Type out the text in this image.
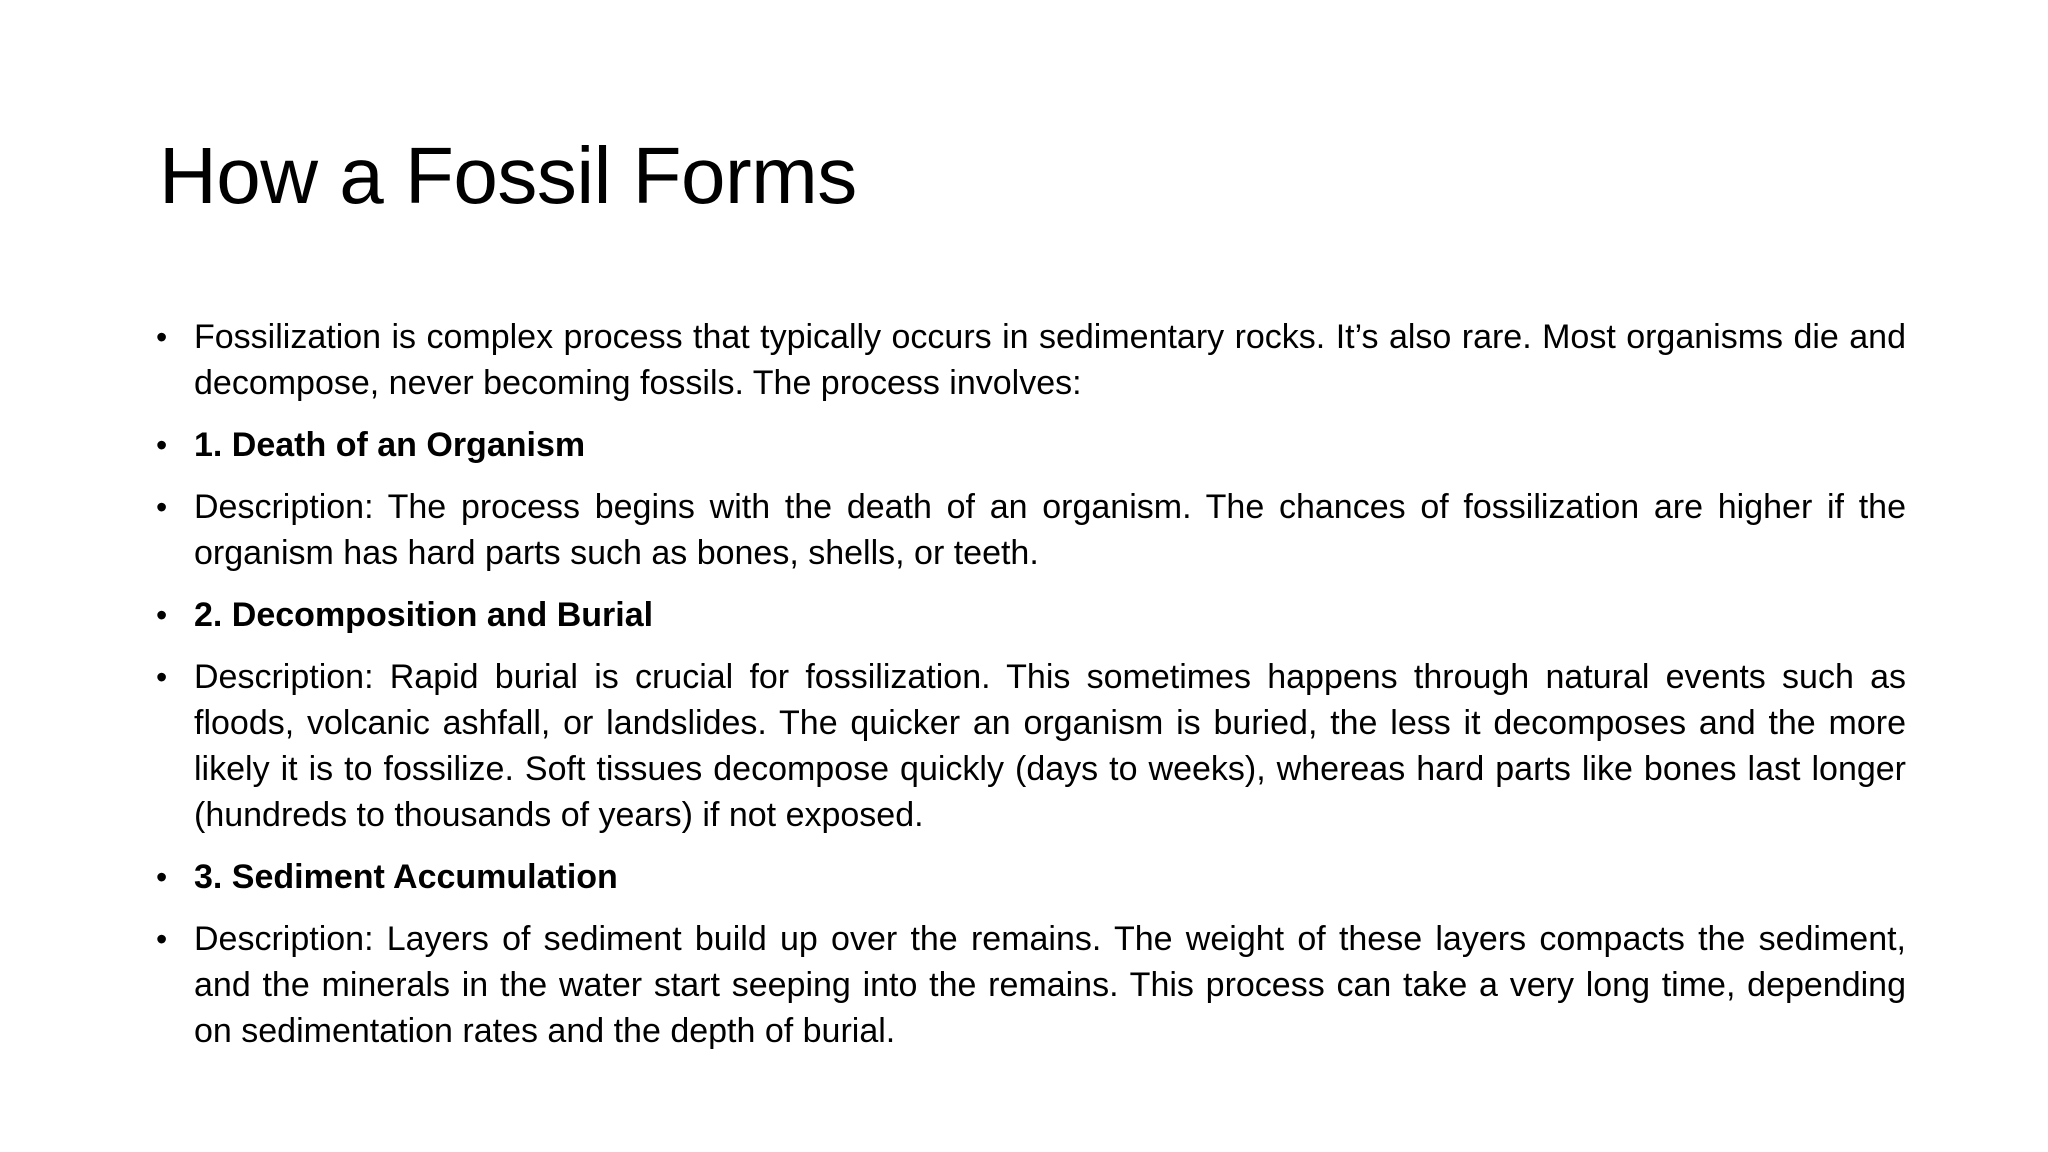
How a Fossil Forms
• Fossilization is complex process that typically occurs in sedimentary rocks. It’s also rare. Most organisms die and decompose, never becoming fossils. The process involves:
• 1. Death of an Organism
• Description: The process begins with the death of an organism. The chances of fossilization are higher if the organism has hard parts such as bones, shells, or teeth.
• 2. Decomposition and Burial
• Description: Rapid burial is crucial for fossilization. This sometimes happens through natural events such as floods, volcanic ashfall, or landslides. The quicker an organism is buried, the less it decomposes and the more likely it is to fossilize. Soft tissues decompose quickly (days to weeks), whereas hard parts like bones last longer (hundreds to thousands of years) if not exposed.
• 3. Sediment Accumulation
• Description: Layers of sediment build up over the remains. The weight of these layers compacts the sediment, and the minerals in the water start seeping into the remains. This process can take a very long time, depending on sedimentation rates and the depth of burial.
